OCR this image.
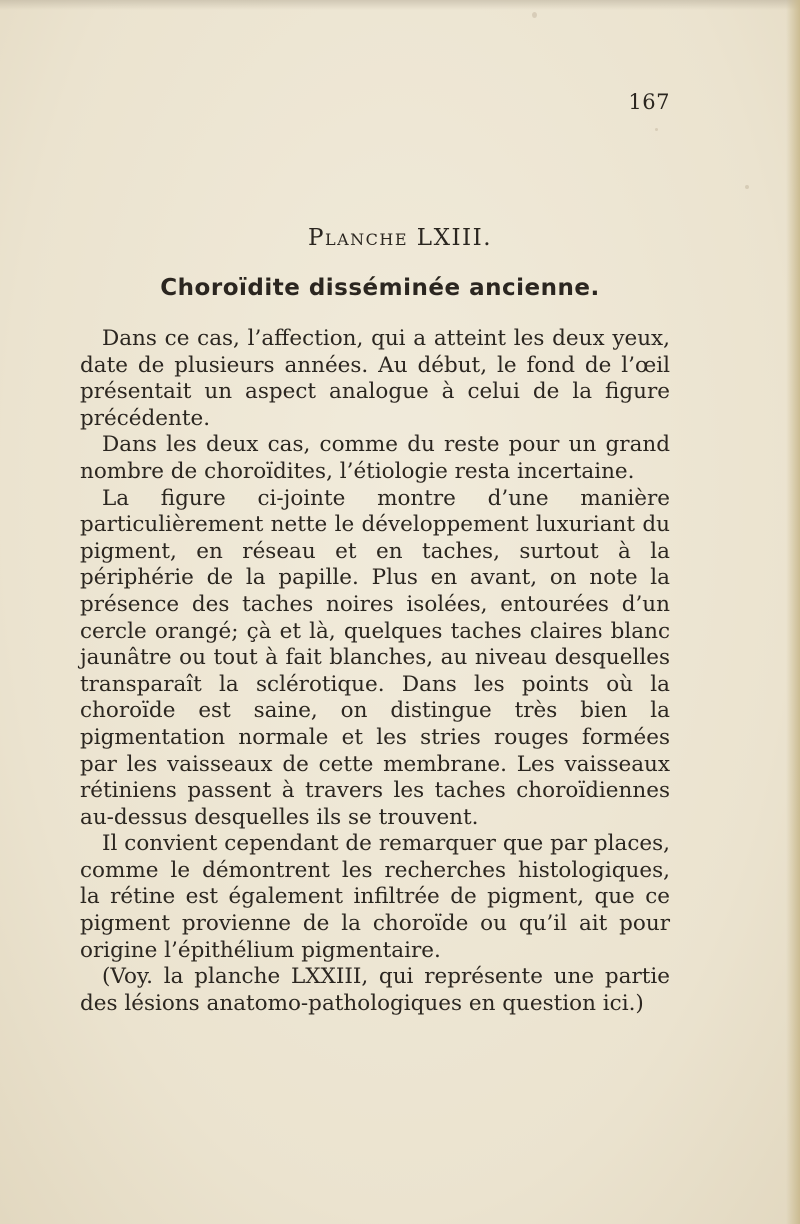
167
Planche LXIII.
Choroïdite disséminée ancienne.

Dans ce cas, l’affection, qui a atteint les deux yeux, date de plusieurs années. Au début, le fond de l’œil présentait un aspect analogue à celui de la figure précédente.

Dans les deux cas, comme du reste pour un grand nombre de choroïdites, l’étiologie resta incertaine.

La figure ci-jointe montre d’une manière particulièrement nette le développement luxuriant du pigment, en réseau et en taches, surtout à la périphérie de la papille. Plus en avant, on note la présence des taches noires isolées, entourées d’un cercle orangé; çà et là, quelques taches claires blanc jaunâtre ou tout à fait blanches, au niveau desquelles transparaît la sclérotique. Dans les points où la choroïde est saine, on distingue très bien la pigmentation normale et les stries rouges formées par les vaisseaux de cette membrane. Les vaisseaux rétiniens passent à travers les taches choroïdiennes au-dessus desquelles ils se trouvent.

Il convient cependant de remarquer que par places, comme le démontrent les recherches histologiques, la rétine est également infiltrée de pigment, que ce pigment provienne de la choroïde ou qu’il ait pour origine l’épithélium pigmentaire.

(Voy. la planche LXXIII, qui représente une partie des lésions anatomo-pathologiques en question ici.)
